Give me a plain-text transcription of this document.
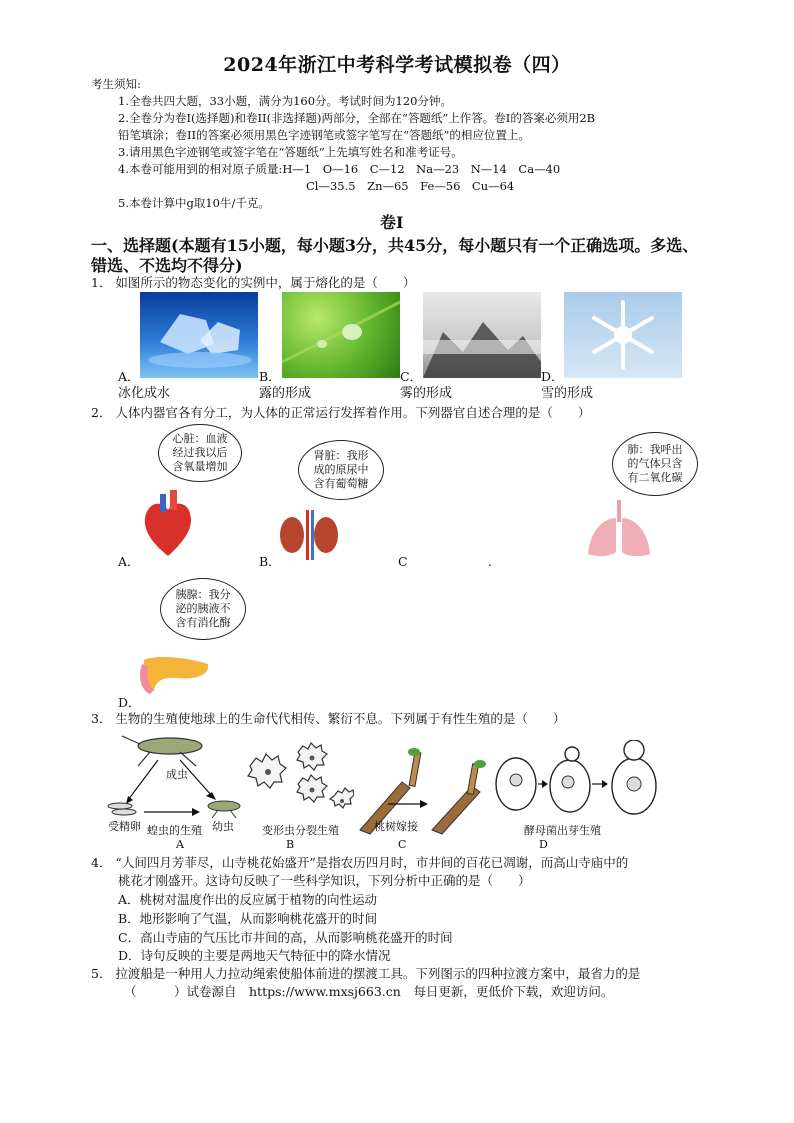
2024年浙江中考科学考试模拟卷（四）
考生须知:
1.全卷共四大题，33小题，满分为160分。考试时间为120分钟。
2.全卷分为卷Ⅰ(选择题)和卷II(非选择题)两部分，全部在“答题纸”上作答。卷Ⅰ的答案必须用2B
铅笔填涂；卷II的答案必须用黑色字迹钢笔或签字笔写在“答题纸”的相应位置上。
3.请用黑色字迹钢笔或签字笔在“答题纸”上先填写姓名和准考证号。
4.本卷可能用到的相对原子质量:H—1　O—16　C—12　Na—23　N—14　Ca—40
Cl—35.5　Zn—65　Fe—56　Cu—64
5.本卷计算中g取10牛/千克。
卷Ⅰ
一、选择题(本题有15小题，每小题3分，共45分，每小题只有一个正确选项。多选、
错选、不选均不得分)
1． 如图所示的物态变化的实例中，属于熔化的是（　　）
A．	B．	C．	D．
冰化成水	露的形成	雾的形成	雪的形成
2． 人体内器官各有分工，为人体的正常运行发挥着作用。下列器官自述合理的是（　　）
心脏：血液经过我以后含氧量增加
肾脏：我形成的原尿中含有葡萄糖
肺：我呼出的气体只含有二氧化碳
胰腺：我分泌的胰液不含有消化酶
A．	B．	C	.
D．
3． 生物的生殖使地球上的生命代代相传、繁衍不息。下列属于有性生殖的是（　　）
成虫
受精卵	幼虫
蝗虫的生殖	变形虫分裂生殖	桃树嫁接	酵母菌出芽生殖
A	B	C	D
4． “人间四月芳菲尽，山寺桃花始盛开”是指农历四月时，市井间的百花已凋谢，而高山寺庙中的
桃花才刚盛开。这诗句反映了一些科学知识，下列分析中正确的是（　　）
A．桃树对温度作出的反应属于植物的向性运动
B．地形影响了气温，从而影响桃花盛开的时间
C．高山寺庙的气压比市井间的高，从而影响桃花盛开的时间
D．诗句反映的主要是两地天气特征中的降水情况
5． 拉渡船是一种用人力拉动绳索使船体前进的摆渡工具。下列图示的四种拉渡方案中，最省力的是
（　　　）试卷源自　https://www.mxsj663.cn　每日更新，更低价下载，欢迎访问。
